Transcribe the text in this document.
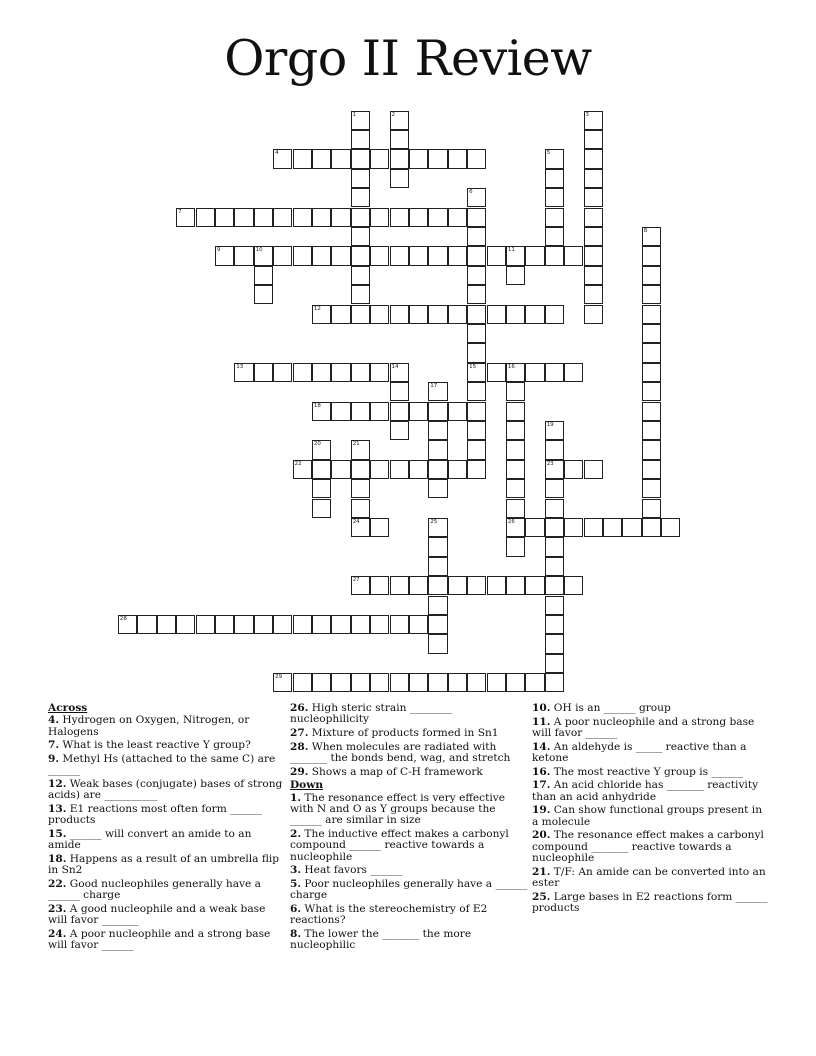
Orgo II Review
4
7
9	10	11
12
13	14	15	16
18
22	23
24	26
27
28
29
1	2	3
5
6
8
17
19
20	21
25
Across
4. Hydrogen on Oxygen, Nitrogen, or Halogens
7. What is the least reactive Y group?
9. Methyl Hs (attached to the same C) are ______
12. Weak bases (conjugate) bases of strong acids) are __________
13. E1 reactions most often form ______ products
15. ______ will convert an amide to an amide
18. Happens as a result of an umbrella flip in Sn2
22. Good nucleophiles generally have a ______ charge
23. A good nucleophile and a weak base will favor _______
24. A poor nucleophile and a strong base will favor ______
26. High steric strain ________ nucleophilicity
27. Mixture of products formed in Sn1
28. When molecules are radiated with _______ the bonds bend, wag, and stretch
29. Shows a map of C-H framework
Down
1. The resonance effect is very effective with N and O as Y groups because the ______ are similar in size
2. The inductive effect makes a carbonyl compound ______ reactive towards a nucleophile
3. Heat favors ______
5. Poor nucleophiles generally have a ______ charge
6. What is the stereochemistry of E2 reactions?
8. The lower the _______ the more nucleophilic
10. OH is an ______ group
11. A poor nucleophile and a strong base will favor ______
14. An aldehyde is _____ reactive than a ketone
16. The most reactive Y group is ______
17. An acid chloride has _______ reactivity than an acid anhydride
19. Can show functional groups present in a molecule
20. The resonance effect makes a carbonyl compound _______ reactive towards a nucleophile
21. T/F: An amide can be converted into an ester
25. Large bases in E2 reactions form ______ products
